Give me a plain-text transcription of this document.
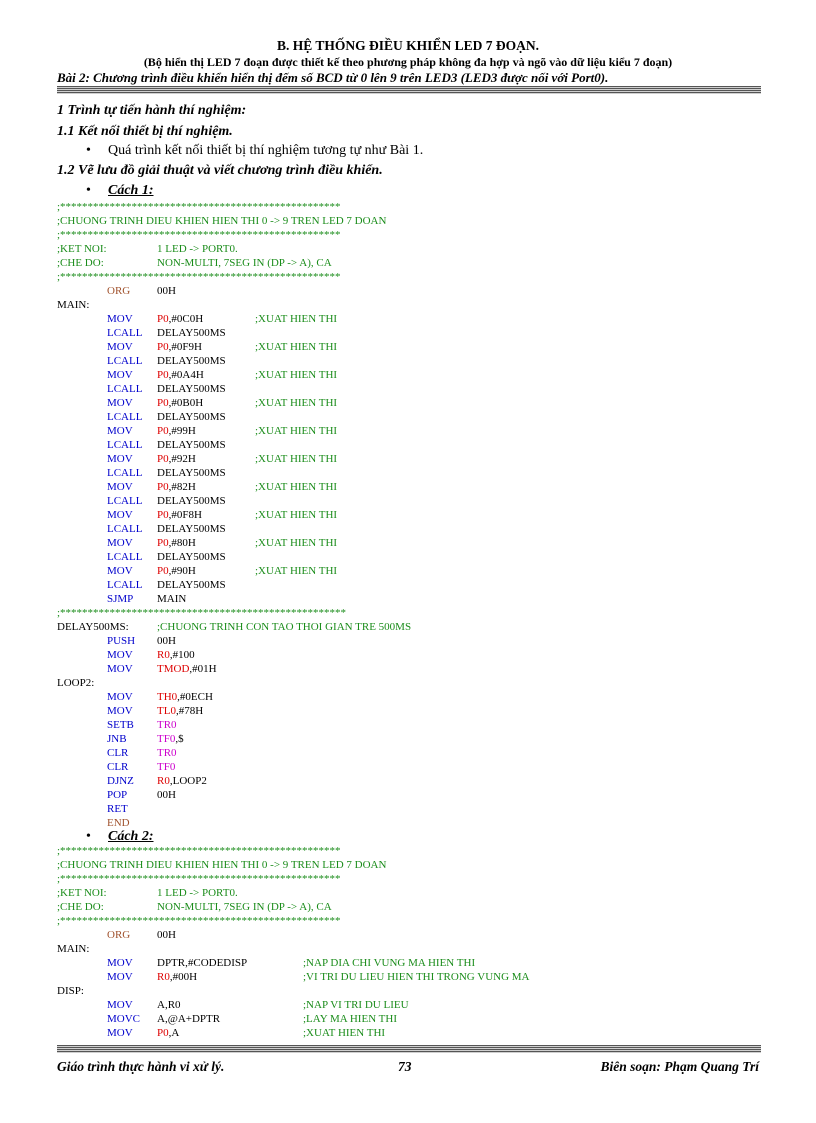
B. HỆ THỐNG ĐIỀU KHIỂN LED 7 ĐOẠN.
(Bộ hiển thị LED 7 đoạn được thiết kế theo phương pháp không đa hợp và ngõ vào dữ liệu kiểu 7 đoạn)
Bài 2: Chương trình điều khiển hiển thị đếm số BCD từ 0 lên 9 trên LED3 (LED3 được nối với Port0).
1 Trình tự tiến hành thí nghiệm:
1.1 Kết nối thiết bị thí nghiệm.
• Quá trình kết nối thiết bị thí nghiệm tương tự như Bài 1.
1.2 Vẽ lưu đồ giải thuật và viết chương trình điều khiển.
• Cách 1:
;***************************************************
;CHUONG TRINH DIEU KHIEN HIEN THI 0 -> 9 TREN LED 7 DOAN
;***************************************************
;KET NOI:	1 LED -> PORT0.
;CHE DO:	NON-MULTI, 7SEG IN (DP -> A), CA
;***************************************************
ORG 00H
MAIN:
MOV P0,#0C0H	;XUAT HIEN THI
LCALL DELAY500MS
MOV P0,#0F9H	;XUAT HIEN THI
LCALL DELAY500MS
MOV P0,#0A4H	;XUAT HIEN THI
LCALL DELAY500MS
MOV P0,#0B0H	;XUAT HIEN THI
LCALL DELAY500MS
MOV P0,#99H	;XUAT HIEN THI
LCALL DELAY500MS
MOV P0,#92H	;XUAT HIEN THI
LCALL DELAY500MS
MOV P0,#82H	;XUAT HIEN THI
LCALL DELAY500MS
MOV P0,#0F8H	;XUAT HIEN THI
LCALL DELAY500MS
MOV P0,#80H	;XUAT HIEN THI
LCALL DELAY500MS
MOV P0,#90H	;XUAT HIEN THI
LCALL DELAY500MS
SJMP MAIN
;****************************************************
DELAY500MS:	;CHUONG TRINH CON TAO THOI GIAN TRE 500MS
PUSH 00H
MOV R0,#100
MOV TMOD,#01H
LOOP2:
MOV TH0,#0ECH
MOV TL0,#78H
SETB TR0
JNB	TF0,$
CLR	TR0
CLR	TF0
DJNZ R0,LOOP2
POP	00H
RET
END
• Cách 2:
;***************************************************
;CHUONG TRINH DIEU KHIEN HIEN THI 0 -> 9 TREN LED 7 DOAN
;***************************************************
;KET NOI:	1 LED -> PORT0.
;CHE DO:	NON-MULTI, 7SEG IN (DP -> A), CA
;***************************************************
ORG 00H
MAIN:
MOV DPTR,#CODEDISP	;NAP DIA CHI VUNG MA HIEN THI
MOV R0,#00H	;VI TRI DU LIEU HIEN THI TRONG VUNG MA
DISP:
MOV A,R0	;NAP VI TRI DU LIEU
MOVC A,@A+DPTR	;LAY MA HIEN THI
MOV P0,A	;XUAT HIEN THI
Giáo trình thực hành vi xử lý.	73	Biên soạn: Phạm Quang Trí
